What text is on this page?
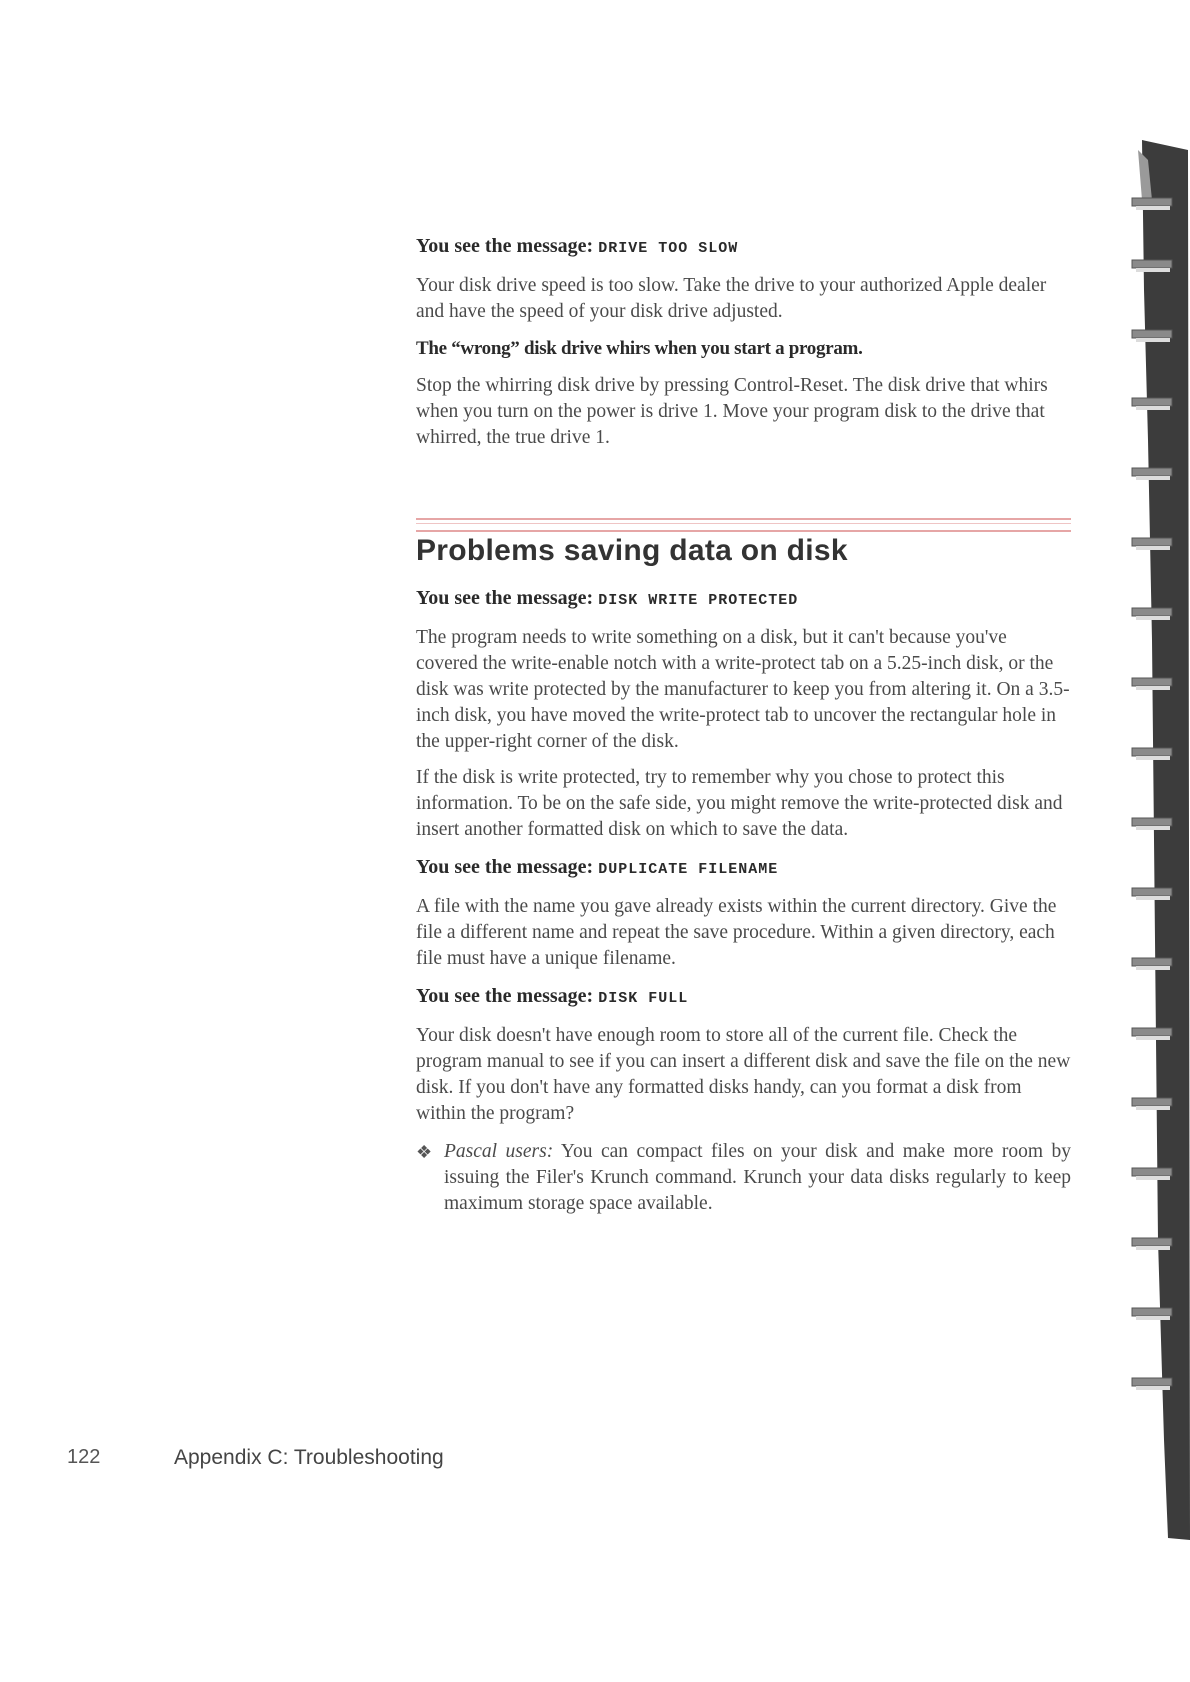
You see the message: DRIVE TOO SLOW

Your disk drive speed is too slow. Take the drive to your authorized Apple dealer and have the speed of your disk drive adjusted.

The “wrong” disk drive whirs when you start a program.

Stop the whirring disk drive by pressing Control-Reset. The disk drive that whirs when you turn on the power is drive 1. Move your program disk to the drive that whirred, the true drive 1.

Problems saving data on disk

You see the message: DISK WRITE PROTECTED

The program needs to write something on a disk, but it can't because you've covered the write-enable notch with a write-protect tab on a 5.25-inch disk, or the disk was write protected by the manufacturer to keep you from altering it. On a 3.5-inch disk, you have moved the write-protect tab to uncover the rectangular hole in the upper-right corner of the disk.

If the disk is write protected, try to remember why you chose to protect this information. To be on the safe side, you might remove the write-protected disk and insert another formatted disk on which to save the data.

You see the message: DUPLICATE FILENAME

A file with the name you gave already exists within the current directory. Give the file a different name and repeat the save procedure. Within a given directory, each file must have a unique filename.

You see the message: DISK FULL

Your disk doesn't have enough room to store all of the current file. Check the program manual to see if you can insert a different disk and save the file on the new disk. If you don't have any formatted disks handy, can you format a disk from within the program?

❖ Pascal users: You can compact files on your disk and make more room by issuing the Filer's Krunch command. Krunch your data disks regularly to keep maximum storage space available.
122	Appendix C: Troubleshooting
